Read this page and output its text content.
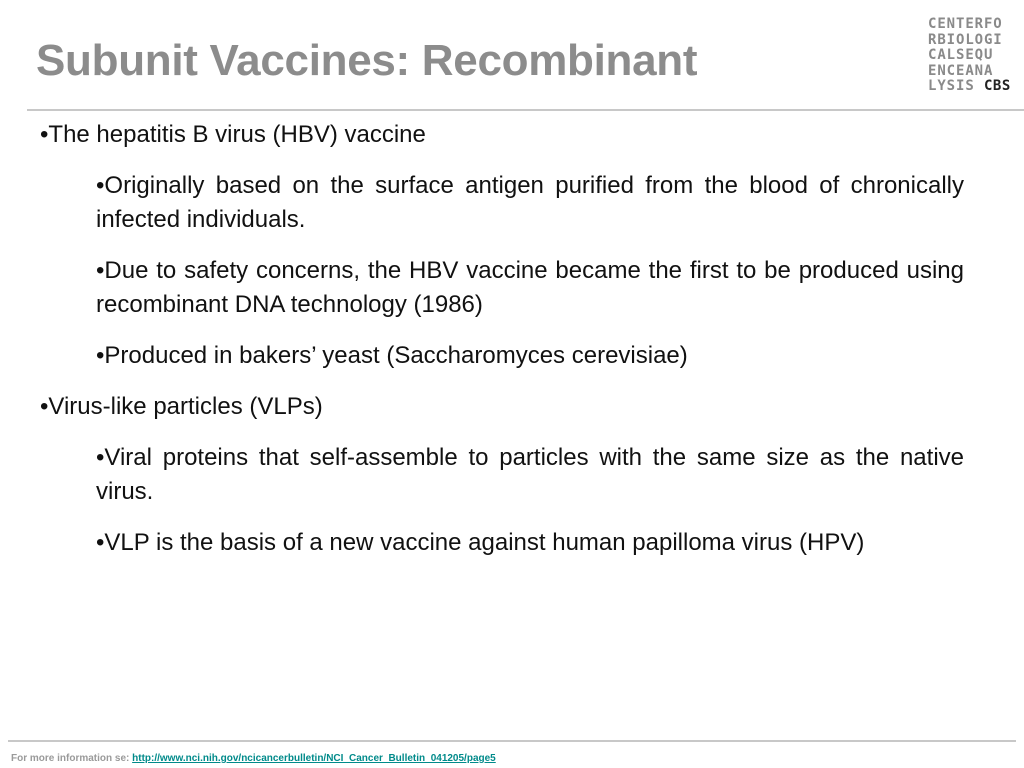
Subunit Vaccines: Recombinant
CENTERFO
RBIOLOGI
CALSEQU
ENCEANA
LYSIS CBS

•The hepatitis B virus (HBV) vaccine

•Originally based on the surface antigen purified from the blood of chronically infected individuals.

•Due to safety concerns, the HBV vaccine became the first to be produced using recombinant DNA technology (1986)

•Produced in bakers’ yeast (Saccharomyces cerevisiae)

•Virus-like particles (VLPs)

•Viral proteins that self-assemble to particles with the same size as the native virus.

•VLP is the basis of a new vaccine against human papilloma virus (HPV)

For more information se: http://www.nci.nih.gov/ncicancerbulletin/NCI_Cancer_Bulletin_041205/page5
